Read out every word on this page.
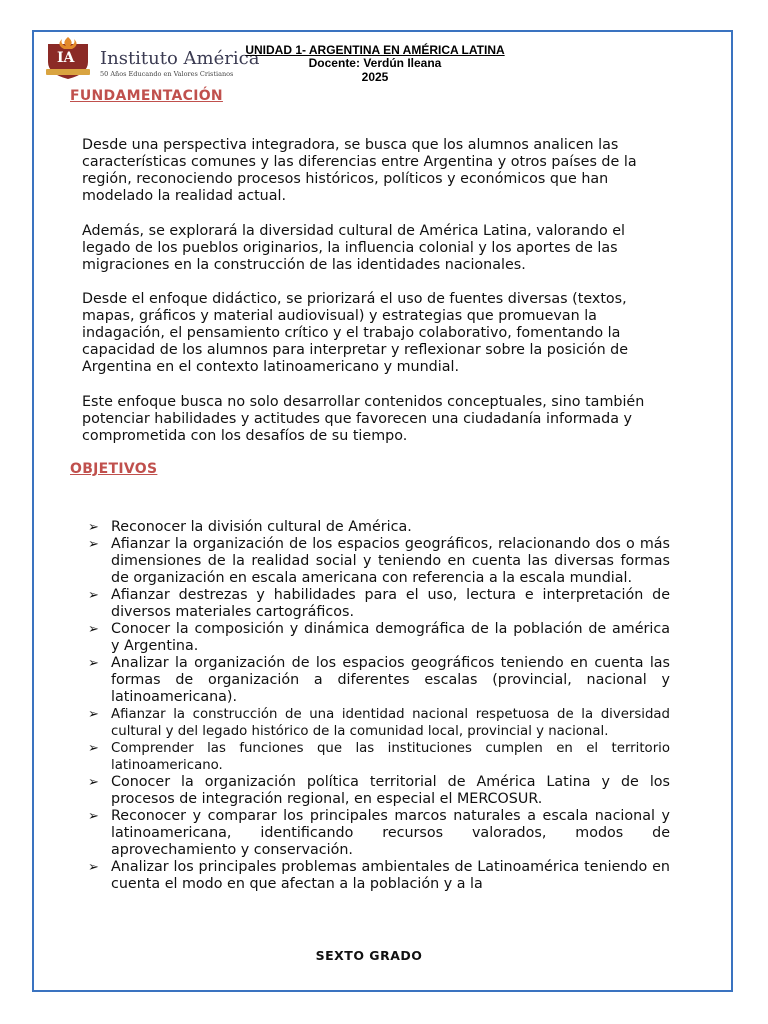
Instituto América
50 Años Educando en Valores Cristianos
IA	UNIDAD 1- ARGENTINA EN AMÉRICA LATINA
Docente: Verdún Ileana
2025
FUNDAMENTACIÓN
Desde una perspectiva integradora, se busca que los alumnos analicen las
características comunes y las diferencias entre Argentina y otros países de la
región, reconociendo procesos históricos, políticos y económicos que han
modelado la realidad actual.
Además, se explorará la diversidad cultural de América Latina, valorando el
legado de los pueblos originarios, la influencia colonial y los aportes de las
migraciones en la construcción de las identidades nacionales.
Desde el enfoque didáctico, se priorizará el uso de fuentes diversas (textos,
mapas, gráficos y material audiovisual) y estrategias que promuevan la
indagación, el pensamiento crítico y el trabajo colaborativo, fomentando la
capacidad de los alumnos para interpretar y reflexionar sobre la posición de
Argentina en el contexto latinoamericano y mundial.
Este enfoque busca no solo desarrollar contenidos conceptuales, sino también
potenciar habilidades y actitudes que favorecen una ciudadanía informada y
comprometida con los desafíos de su tiempo.
OBJETIVOS
➢ Reconocer la división cultural de América.
➢ Afianzar la organización de los espacios geográficos, relacionando dos o más dimensiones de la realidad social y teniendo en cuenta las diversas formas de organización en escala americana con referencia a la escala mundial.
➢ Afianzar destrezas y habilidades para el uso, lectura e interpretación de diversos materiales cartográficos.
➢ Conocer la composición y dinámica demográfica de la población de américa y Argentina.
➢ Analizar la organización de los espacios geográficos teniendo en cuenta las formas de organización a diferentes escalas (provincial, nacional y latinoamericana).
➢ Afianzar la construcción de una identidad nacional respetuosa de la diversidad cultural y del legado histórico de la comunidad local, provincial y nacional.
➢ Comprender las funciones que las instituciones cumplen en el territorio latinoamericano.
➢ Conocer la organización política territorial de América Latina y de los procesos de integración regional, en especial el MERCOSUR.
➢ Reconocer y comparar los principales marcos naturales a escala nacional y latinoamericana, identificando recursos valorados, modos de aprovechamiento y conservación.
➢ Analizar los principales problemas ambientales de Latinoamérica teniendo en cuenta el modo en que afectan a la población y a la
SEXTO GRADO
